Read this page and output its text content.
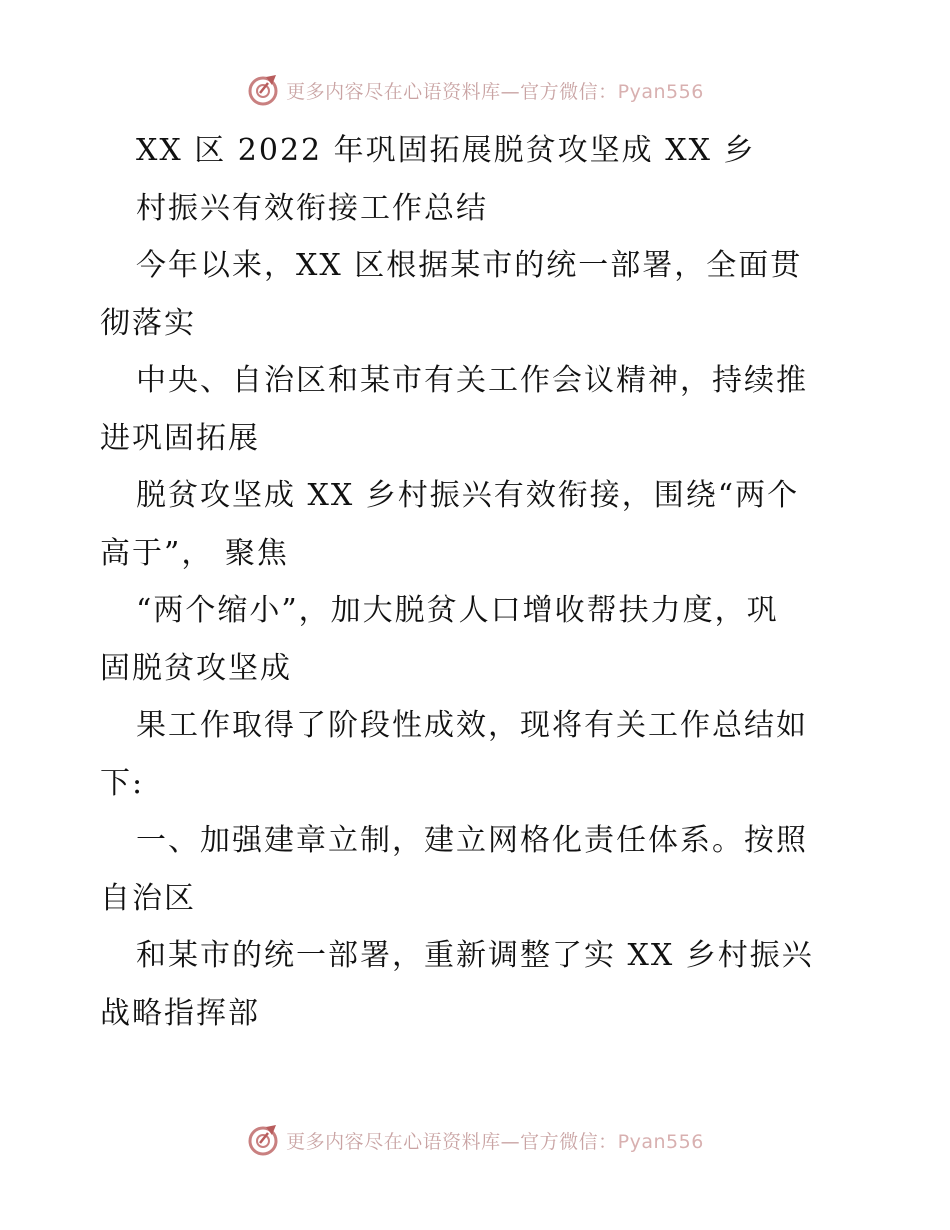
更多内容尽在心语资料库—官方微信：Pyan556
XX 区 2022 年巩固拓展脱贫攻坚成 XX 乡
村振兴有效衔接工作总结
今年以来，XX 区根据某市的统一部署，全面贯
彻落实
中央、自治区和某市有关工作会议精神，持续推
进巩固拓展
脱贫攻坚成 XX 乡村振兴有效衔接，围绕“两个
高于”， 聚焦
“两个缩小”，加大脱贫人口增收帮扶力度，巩
固脱贫攻坚成
果工作取得了阶段性成效，现将有关工作总结如
下:
一、加强建章立制，建立网格化责任体系。按照
自治区
和某市的统一部署，重新调整了实 XX 乡村振兴
战略指挥部
更多内容尽在心语资料库—官方微信：Pyan556
